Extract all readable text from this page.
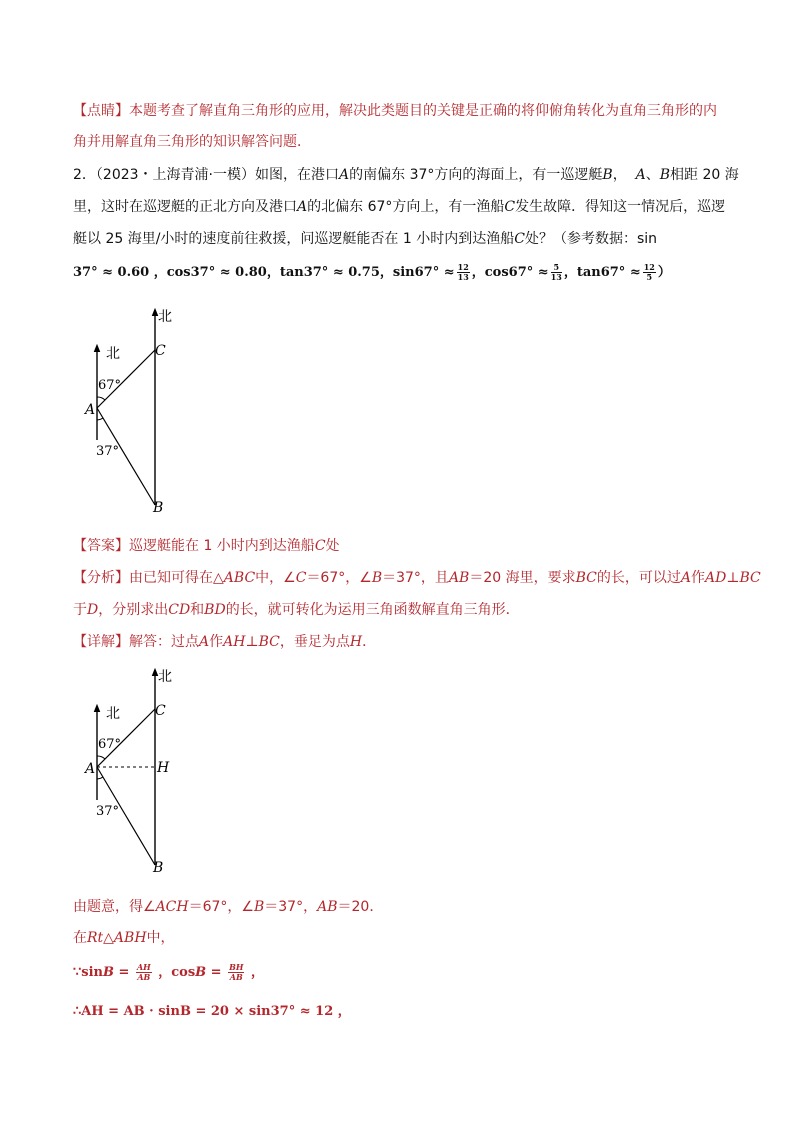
【点睛】本题考查了解直角三角形的应用，解决此类题目的关键是正确的将仰俯角转化为直角三角形的内
角并用解直角三角形的知识解答问题．
2．（2023・上海青浦·一模）如图，在港口A的南偏东 37°方向的海面上，有一巡逻艇B， A、B相距 20 海
里，这时在巡逻艇的正北方向及港口A的北偏东 67°方向上，有一渔船C发生故障．得知这一情况后，巡逻
艇以 25 海里/小时的速度前往救援，问巡逻艇能否在 1 小时内到达渔船C处？（参考数据：sin
37° ≈ 0.60 ，cos37° ≈ 0.80，tan37° ≈ 0.75，$\sin 67^\circ \approx \frac{12}{13}$ ，$\cos 67^\circ \approx \frac{5}{13}$ ，$\tan 67^\circ \approx \frac{12}{5}$ ）
北
北	C
A
B
67°
37°
【答案】巡逻艇能在 1 小时内到达渔船C处
【分析】由已知可得在△ABC中，∠C＝67°，∠B＝37°，且AB＝20 海里，要求BC的长，可以过A作AD⊥BC
于D，分别求出CD和BD的长，就可转化为运用三角函数解直角三角形．
【详解】解答：过点A作AH⊥BC，垂足为点H．
北
北	C
A	H
B
67°
37°
由题意，得∠ACH＝67°，∠B＝37°，AB＝20．
在Rt△ABH中，
∵sinB = $\frac{AH}{AB}$ ，$\cos B = \frac{BH}{AB}$ ，
∴AH = AB · sinB = 20 × sin37° ≈ 12 ，
